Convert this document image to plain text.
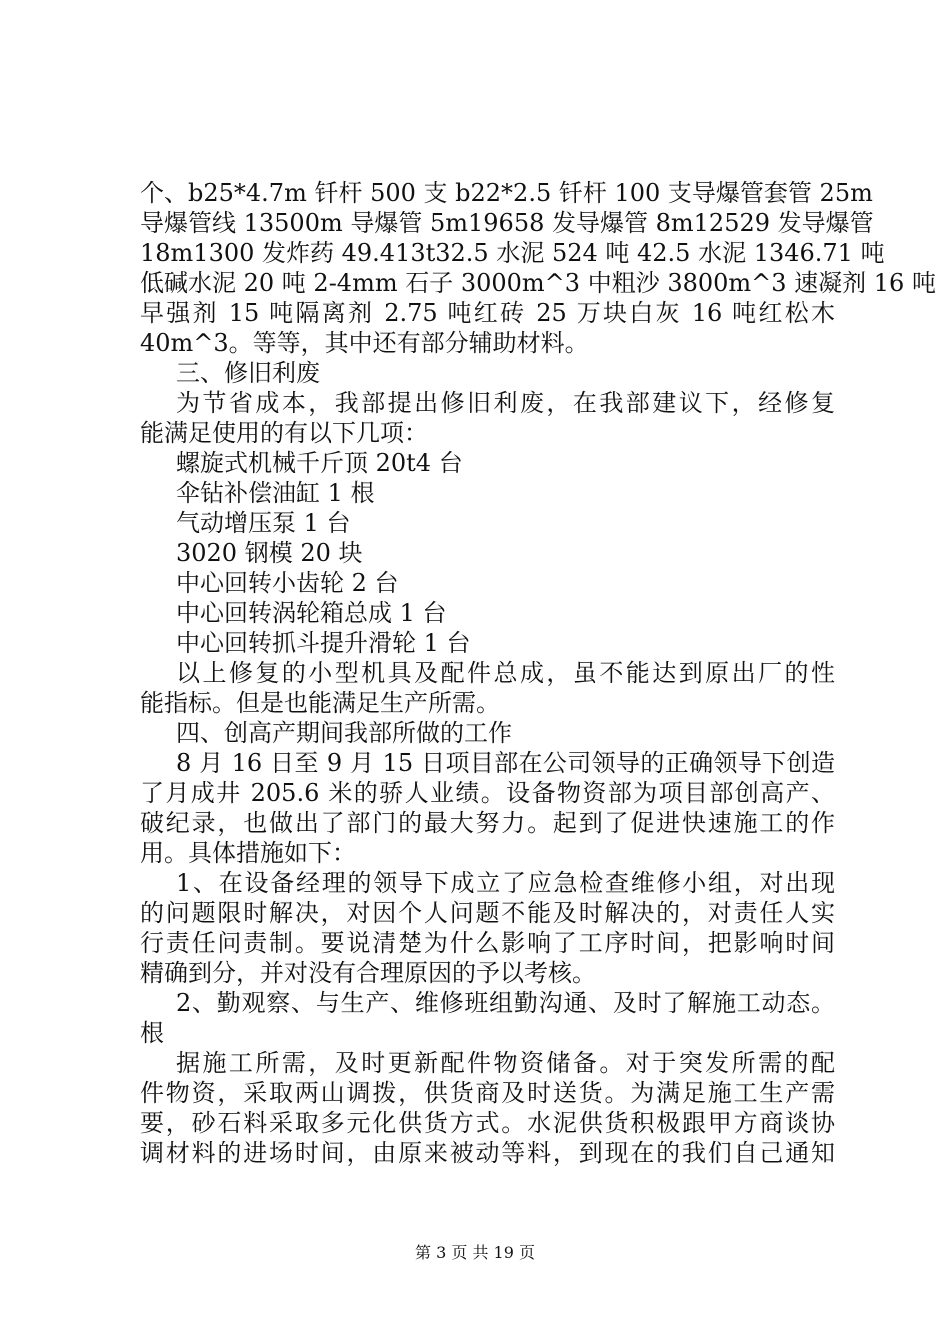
个、b25*4.7m 钎杆 500 支 b22*2.5 钎杆 100 支导爆管套管 25m
导爆管线 13500m 导爆管 5m19658 发导爆管 8m12529 发导爆管
18m1300 发炸药 49.413t32.5 水泥 524 吨 42.5 水泥 1346.71 吨
低碱水泥 20 吨 2-4mm 石子 3000m^3 中粗沙 3800m^3 速凝剂 16 吨
早强剂 15 吨隔离剂 2.75 吨红砖 25 万块白灰 16 吨红松木
40m^3。等等，其中还有部分辅助材料。
三、修旧利废
为节省成本，我部提出修旧利废，在我部建议下，经修复
能满足使用的有以下几项：
螺旋式机械千斤顶 20t4 台
伞钻补偿油缸 1 根
气动增压泵 1 台
3020 钢模 20 块
中心回转小齿轮 2 台
中心回转涡轮箱总成 1 台
中心回转抓斗提升滑轮 1 台
以上修复的小型机具及配件总成，虽不能达到原出厂的性
能指标。但是也能满足生产所需。
四、创高产期间我部所做的工作
8 月 16 日至 9 月 15 日项目部在公司领导的正确领导下创造
了月成井 205.6 米的骄人业绩。设备物资部为项目部创高产、
破纪录，也做出了部门的最大努力。起到了促进快速施工的作
用。具体措施如下：
1、在设备经理的领导下成立了应急检查维修小组，对出现
的问题限时解决，对因个人问题不能及时解决的，对责任人实
行责任问责制。要说清楚为什么影响了工序时间，把影响时间
精确到分，并对没有合理原因的予以考核。
2、勤观察、与生产、维修班组勤沟通、及时了解施工动态。
根
据施工所需，及时更新配件物资储备。对于突发所需的配
件物资，采取两山调拨，供货商及时送货。为满足施工生产需
要，砂石料采取多元化供货方式。水泥供货积极跟甲方商谈协
调材料的进场时间，由原来被动等料，到现在的我们自己通知
第 3 页 共 19 页
